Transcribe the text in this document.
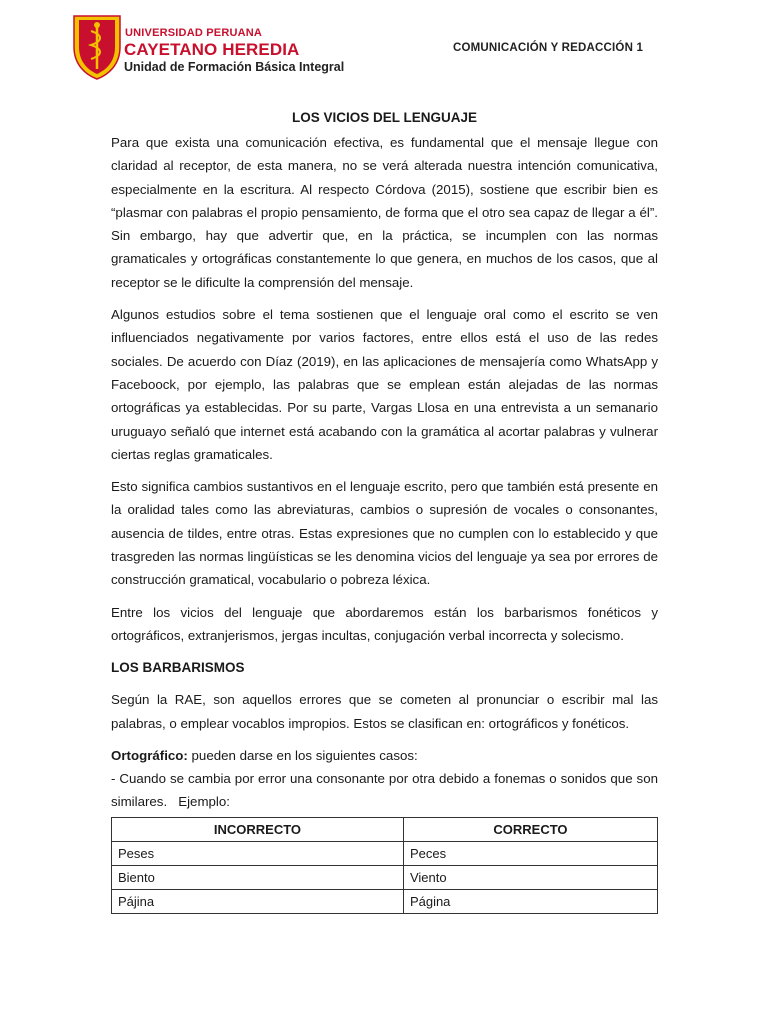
UNIVERSIDAD PERUANA
CAYETANO HEREDIA
Unidad de Formación Básica Integral
COMUNICACIÓN Y REDACCIÓN 1
LOS VICIOS DEL LENGUAJE

Para que exista una comunicación efectiva, es fundamental que el mensaje llegue con claridad al receptor, de esta manera, no se verá alterada nuestra intención comunicativa, especialmente en la escritura. Al respecto Córdova (2015), sostiene que escribir bien es “plasmar con palabras el propio pensamiento, de forma que el otro sea capaz de llegar a él”. Sin embargo, hay que advertir que, en la práctica, se incumplen con las normas gramaticales y ortográficas constantemente lo que genera, en muchos de los casos, que al receptor se le dificulte la comprensión del mensaje.

Algunos estudios sobre el tema sostienen que el lenguaje oral como el escrito se ven influenciados negativamente por varios factores, entre ellos está el uso de las redes sociales. De acuerdo con Díaz (2019), en las aplicaciones de mensajería como WhatsApp y Faceboock, por ejemplo, las palabras que se emplean están alejadas de las normas ortográficas ya establecidas. Por su parte, Vargas Llosa en una entrevista a un semanario uruguayo señaló que internet está acabando con la gramática al acortar palabras y vulnerar ciertas reglas gramaticales.

Esto significa cambios sustantivos en el lenguaje escrito, pero que también está presente en la oralidad tales como las abreviaturas, cambios o supresión de vocales o consonantes, ausencia de tildes, entre otras. Estas expresiones que no cumplen con lo establecido y que trasgreden las normas lingüísticas se les denomina vicios del lenguaje ya sea por errores de construcción gramatical, vocabulario o pobreza léxica.

Entre los vicios del lenguaje que abordaremos están los barbarismos fonéticos y ortográficos, extranjerismos, jergas incultas, conjugación verbal incorrecta y solecismo.

LOS BARBARISMOS

Según la RAE, son aquellos errores que se cometen al pronunciar o escribir mal las palabras, o emplear vocablos impropios. Estos se clasifican en: ortográficos y fonéticos.

Ortográfico: pueden darse en los siguientes casos:

- Cuando se cambia por error una consonante por otra debido a fonemas o sonidos que son similares.   Ejemplo:

INCORRECTO	CORRECTO
Peses	Peces
Biento	Viento
Pájina	Página
